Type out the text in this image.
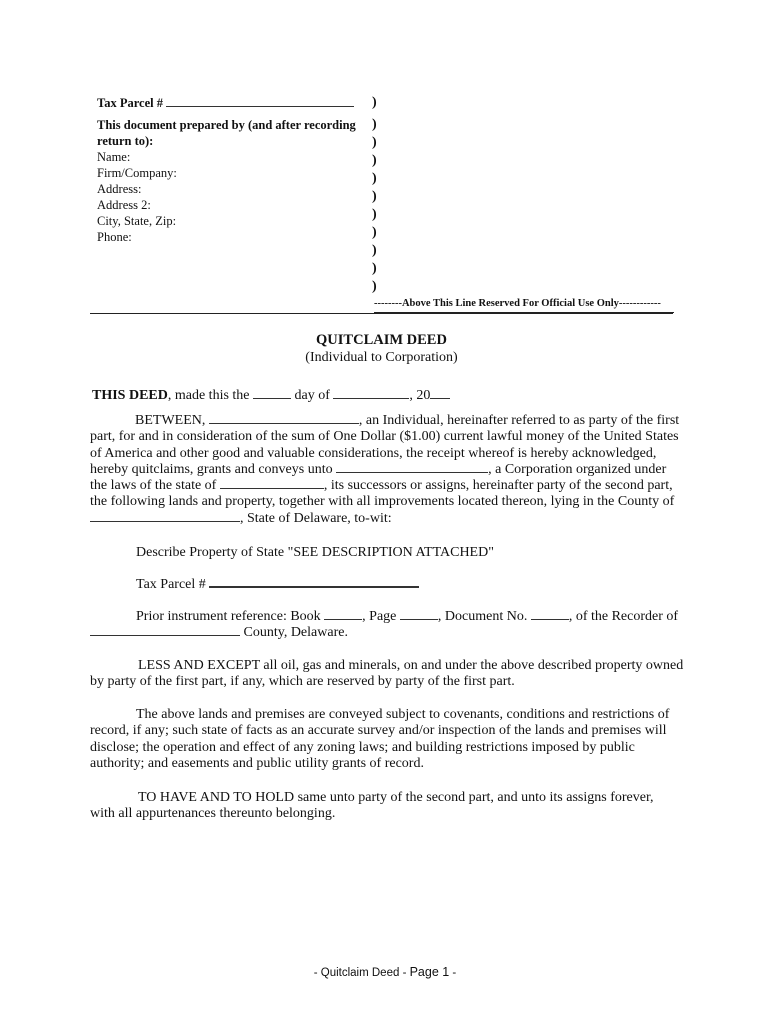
Tax Parcel #
This document prepared by (and after recording
return to):
Name:
Firm/Company:
Address:
Address 2:
City, State, Zip:
Phone:
)
)
)
)
)
)
)
)
)
)
)
--------Above This Line Reserved For Official Use Only------------
QUITCLAIM DEED
(Individual to Corporation)
THIS DEED, made this the	day of	, 20
BETWEEN,	, an Individual, hereinafter referred to as party of the first
part, for and in consideration of the sum of One Dollar ($1.00) current lawful money of the United States
of America and other good and valuable considerations, the receipt whereof is hereby acknowledged,
hereby quitclaims, grants and conveys unto	, a Corporation organized under
the laws of the state of	, its successors or assigns, hereinafter party of the second part,
the following lands and property, together with all improvements located thereon, lying in the County of
, State of Delaware, to-wit:
Describe Property of State "SEE DESCRIPTION ATTACHED"
Tax Parcel #
Prior instrument reference: Book	, Page	, Document No.	, of the Recorder of
County, Delaware.
LESS AND EXCEPT all oil, gas and minerals, on and under the above described property owned
by party of the first part, if any, which are reserved by party of the first part.
The above lands and premises are conveyed subject to covenants, conditions and restrictions of
record, if any; such state of facts as an accurate survey and/or inspection of the lands and premises will
disclose; the operation and effect of any zoning laws; and building restrictions imposed by public
authority; and easements and public utility grants of record.
TO HAVE AND TO HOLD same unto party of the second part, and unto its assigns forever,
with all appurtenances thereunto belonging.
- Quitclaim Deed - Page 1 -
